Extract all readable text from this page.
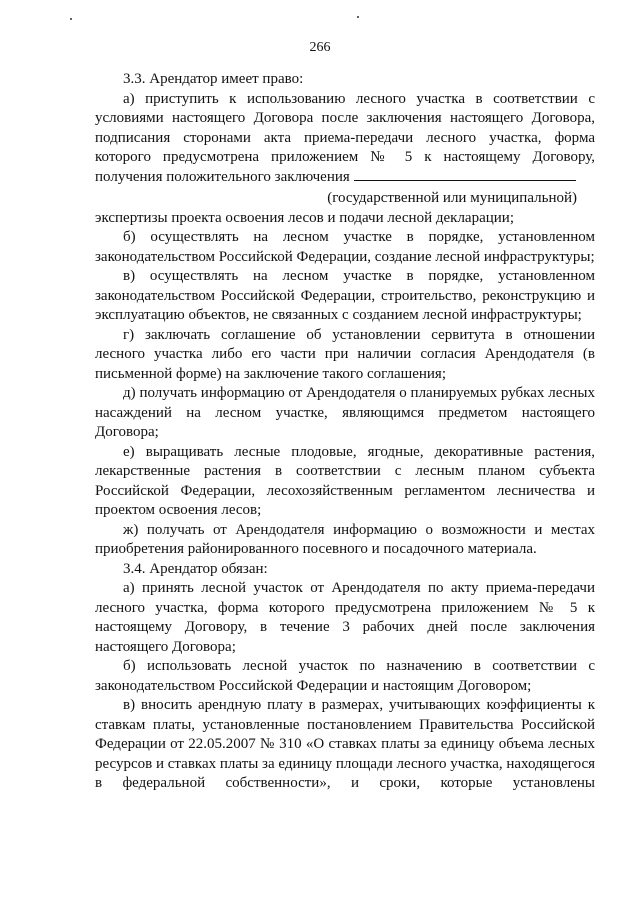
266

3.3. Арендатор имеет право:

а) приступить к использованию лесного участка в соответствии с условиями настоящего Договора после заключения настоящего Договора, подписания сторонами акта приема-передачи лесного участка, форма которого предусмотрена приложением № 5 к настоящему Договору, получения положительного заключения

(государственной или муниципальной)

экспертизы проекта освоения лесов и подачи лесной декларации;

б) осуществлять на лесном участке в порядке, установленном законодательством Российской Федерации, создание лесной инфраструктуры;

в) осуществлять на лесном участке в порядке, установленном законодательством Российской Федерации, строительство, реконструкцию и эксплуатацию объектов, не связанных с созданием лесной инфраструктуры;

г) заключать соглашение об установлении сервитута в отношении лесного участка либо его части при наличии согласия Арендодателя (в письменной форме) на заключение такого соглашения;

д) получать информацию от Арендодателя о планируемых рубках лесных насаждений на лесном участке, являющимся предметом настоящего Договора;

е) выращивать лесные плодовые, ягодные, декоративные растения, лекарственные растения в соответствии с лесным планом субъекта Российской Федерации, лесохозяйственным регламентом лесничества и проектом освоения лесов;

ж) получать от Арендодателя информацию о возможности и местах приобретения районированного посевного и посадочного материала.

3.4. Арендатор обязан:

а) принять лесной участок от Арендодателя по акту приема-передачи лесного участка, форма которого предусмотрена приложением № 5 к настоящему Договору, в течение 3 рабочих дней после заключения настоящего Договора;

б) использовать лесной участок по назначению в соответствии с законодательством Российской Федерации и настоящим Договором;

в) вносить арендную плату в размерах, учитывающих коэффициенты к ставкам платы, установленные постановлением Правительства Российской Федерации от 22.05.2007 № 310 «О ставках платы за единицу объема лесных ресурсов и ставках платы за единицу площади лесного участка, находящегося в федеральной собственности», и сроки, которые установлены
